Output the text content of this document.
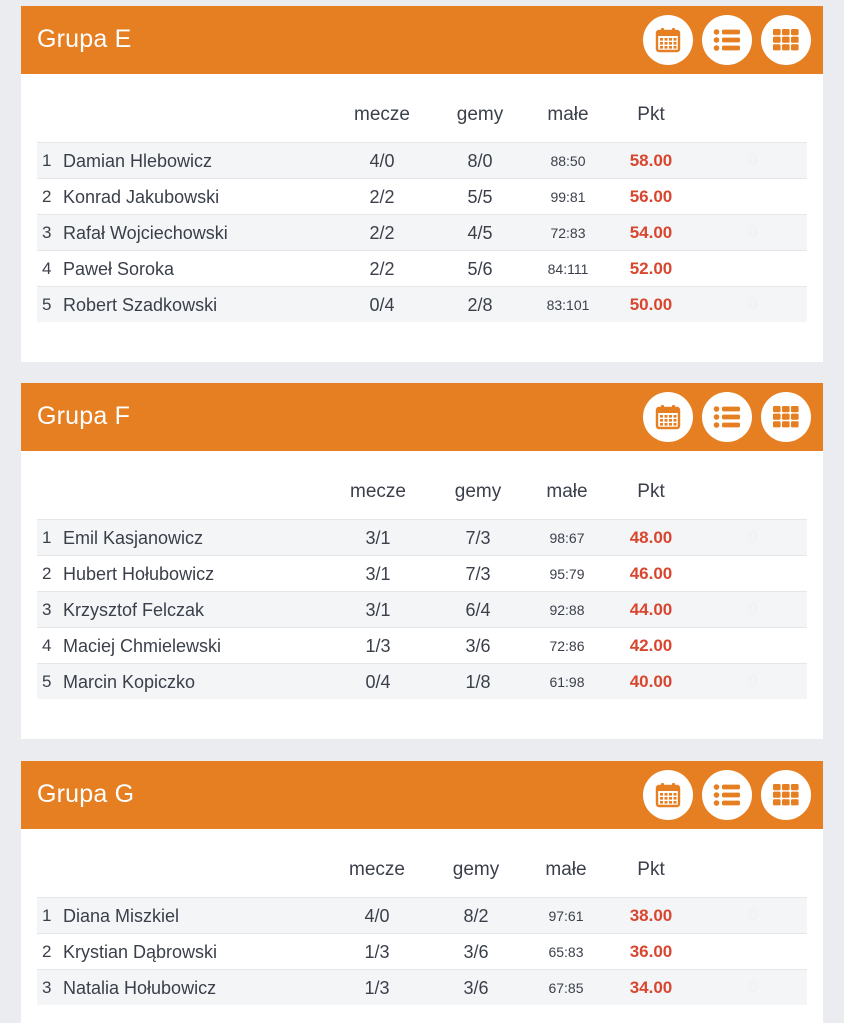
Grupa E
mecze	gemy	małe	Pkt
1 Damian Hlebowicz	4/0	8/0	88:50	58.00	0
2 Konrad Jakubowski	2/2	5/5	99:81	56.00
3 Rafał Wojciechowski	2/2	4/5	72:83	54.00	0
4 Paweł Soroka	2/2	5/6	84:111	52.00
5 Robert Szadkowski	0/4	2/8	83:101	50.00	0
Grupa F
mecze	gemy	małe	Pkt
1 Emil Kasjanowicz	3/1	7/3	98:67	48.00	0
2 Hubert Hołubowicz	3/1	7/3	95:79	46.00
3 Krzysztof Felczak	3/1	6/4	92:88	44.00	0
4 Maciej Chmielewski	1/3	3/6	72:86	42.00
5 Marcin Kopiczko	0/4	1/8	61:98	40.00	0
Grupa G
mecze	gemy	małe	Pkt
1 Diana Miszkiel	4/0	8/2	97:61	38.00	0
2 Krystian Dąbrowski	1/3	3/6	65:83	36.00
3 Natalia Hołubowicz	1/3	3/6	67:85	34.00	0
